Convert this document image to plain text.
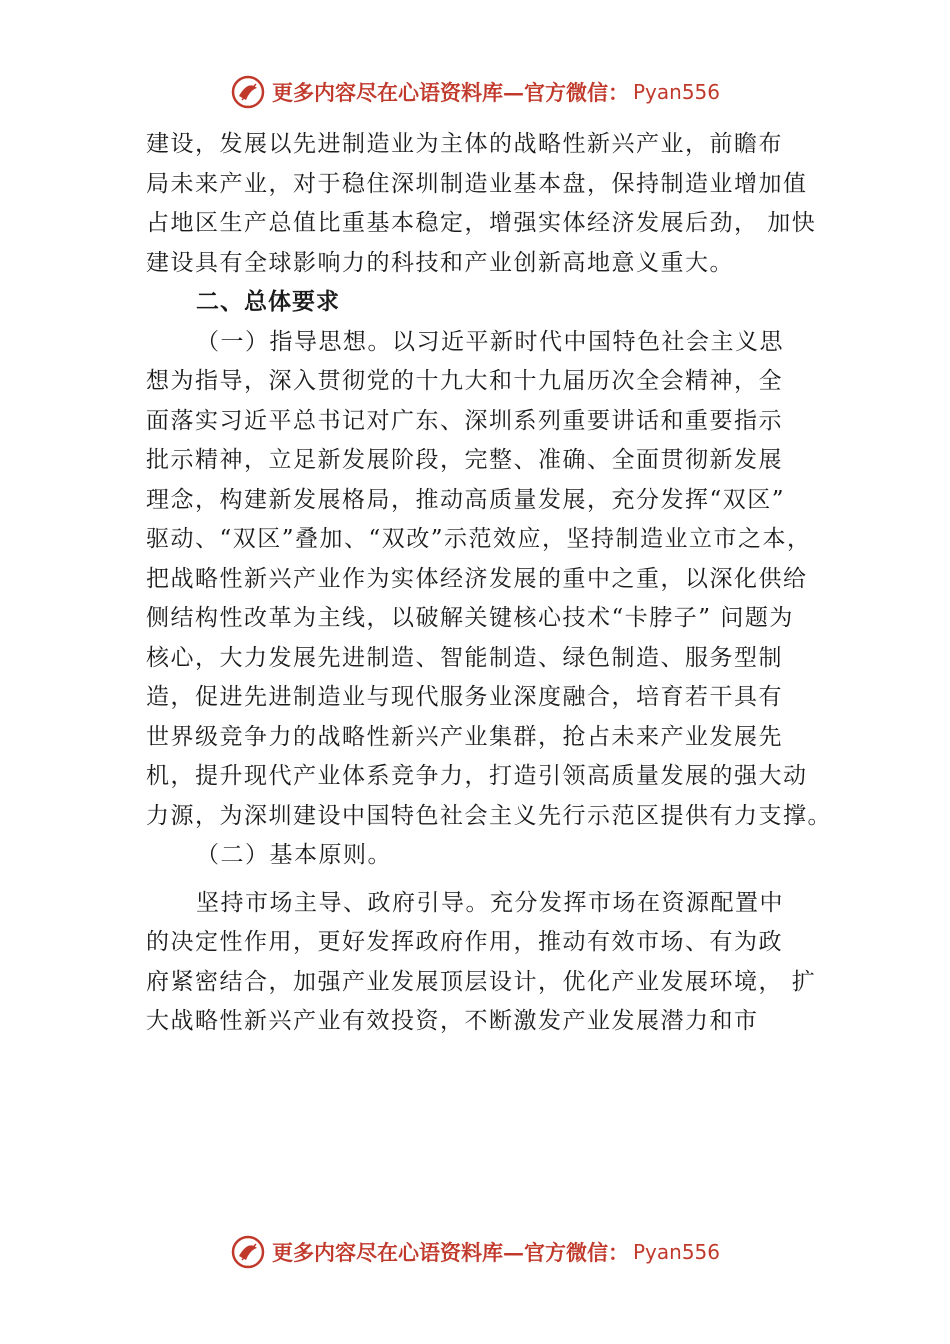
更多内容尽在心语资料库—官方微信： Pyan556
建设，发展以先进制造业为主体的战略性新兴产业，前瞻布
局未来产业，对于稳住深圳制造业基本盘，保持制造业增加值
占地区生产总值比重基本稳定，增强实体经济发展后劲， 加快
建设具有全球影响力的科技和产业创新高地意义重大。
二、总体要求
（一）指导思想。以习近平新时代中国特色社会主义思
想为指导，深入贯彻党的十九大和十九届历次全会精神，全
面落实习近平总书记对广东、深圳系列重要讲话和重要指示
批示精神，立足新发展阶段，完整、准确、全面贯彻新发展
理念，构建新发展格局，推动高质量发展，充分发挥“双区”
驱动、“双区”叠加、“双改”示范效应，坚持制造业立市之本，
把战略性新兴产业作为实体经济发展的重中之重，以深化供给
侧结构性改革为主线，以破解关键核心技术“卡脖子” 问题为
核心，大力发展先进制造、智能制造、绿色制造、服务型制
造，促进先进制造业与现代服务业深度融合，培育若干具有
世界级竞争力的战略性新兴产业集群，抢占未来产业发展先
机，提升现代产业体系竞争力，打造引领高质量发展的强大动
力源，为深圳建设中国特色社会主义先行示范区提供有力支撑。
（二）基本原则。
坚持市场主导、政府引导。充分发挥市场在资源配置中
的决定性作用，更好发挥政府作用，推动有效市场、有为政
府紧密结合，加强产业发展顶层设计，优化产业发展环境， 扩
大战略性新兴产业有效投资，不断激发产业发展潜力和市
更多内容尽在心语资料库—官方微信： Pyan556
